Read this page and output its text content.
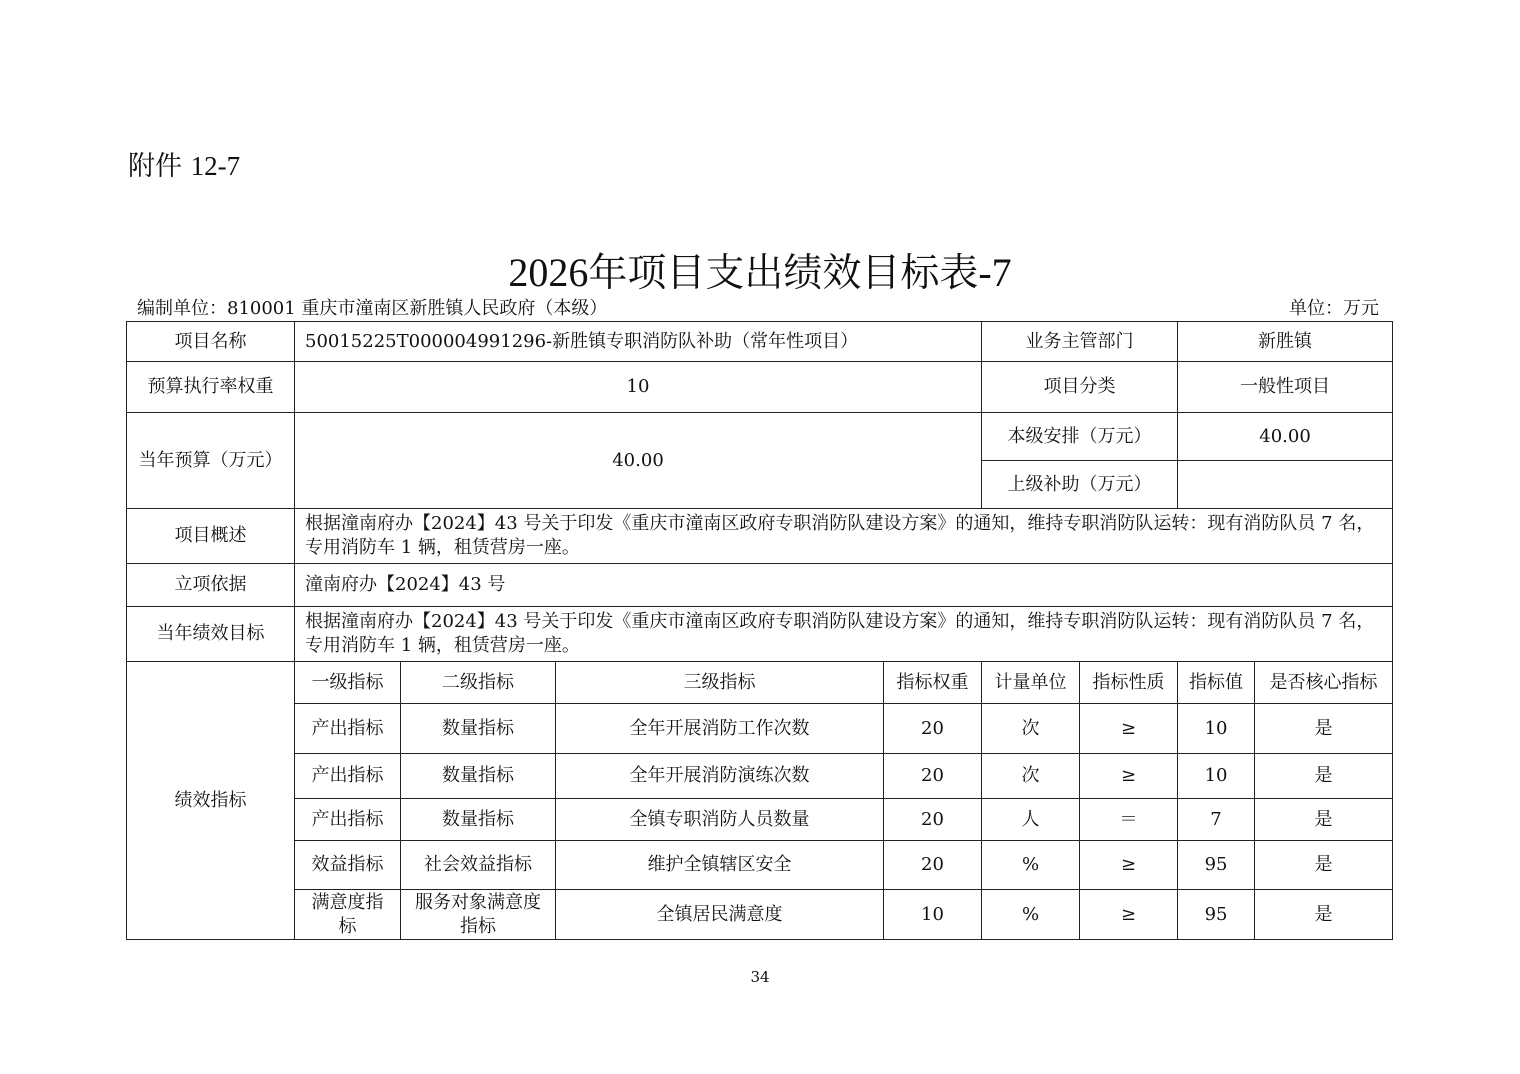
附件 12-7
2026年项目支出绩效目标表-7
编制单位：810001 重庆市潼南区新胜镇人民政府（本级）	单位：万元
项目名称	50015225T000004991296-新胜镇专职消防队补助（常年性项目）				业务主管部门		新胜镇	
预算执行率权重	10				项目分类		一般性项目	
当年预算（万元）	40.00				本级安排（万元）		40.00	
					上级补助（万元）			
项目概述	根据潼南府办【2024】43 号关于印发《重庆市潼南区政府专职消防队建设方案》的通知，维持专职消防队运转：现有消防队员 7 名，专用消防车 1 辆，租赁营房一座。							
立项依据	潼南府办【2024】43 号							
当年绩效目标	根据潼南府办【2024】43 号关于印发《重庆市潼南区政府专职消防队建设方案》的通知，维持专职消防队运转：现有消防队员 7 名，专用消防车 1 辆，租赁营房一座。							
绩效指标	一级指标	二级指标	三级指标	指标权重	计量单位	指标性质	指标值	是否核心指标
	产出指标	数量指标	全年开展消防工作次数	20	次	≥	10	是
	产出指标	数量指标	全年开展消防演练次数	20	次	≥	10	是
	产出指标	数量指标	全镇专职消防人员数量	20	人	＝	7	是
	效益指标	社会效益指标	维护全镇辖区安全	20	%	≥	95	是
	满意度指标	服务对象满意度指标	全镇居民满意度	10	%	≥	95	是
34
